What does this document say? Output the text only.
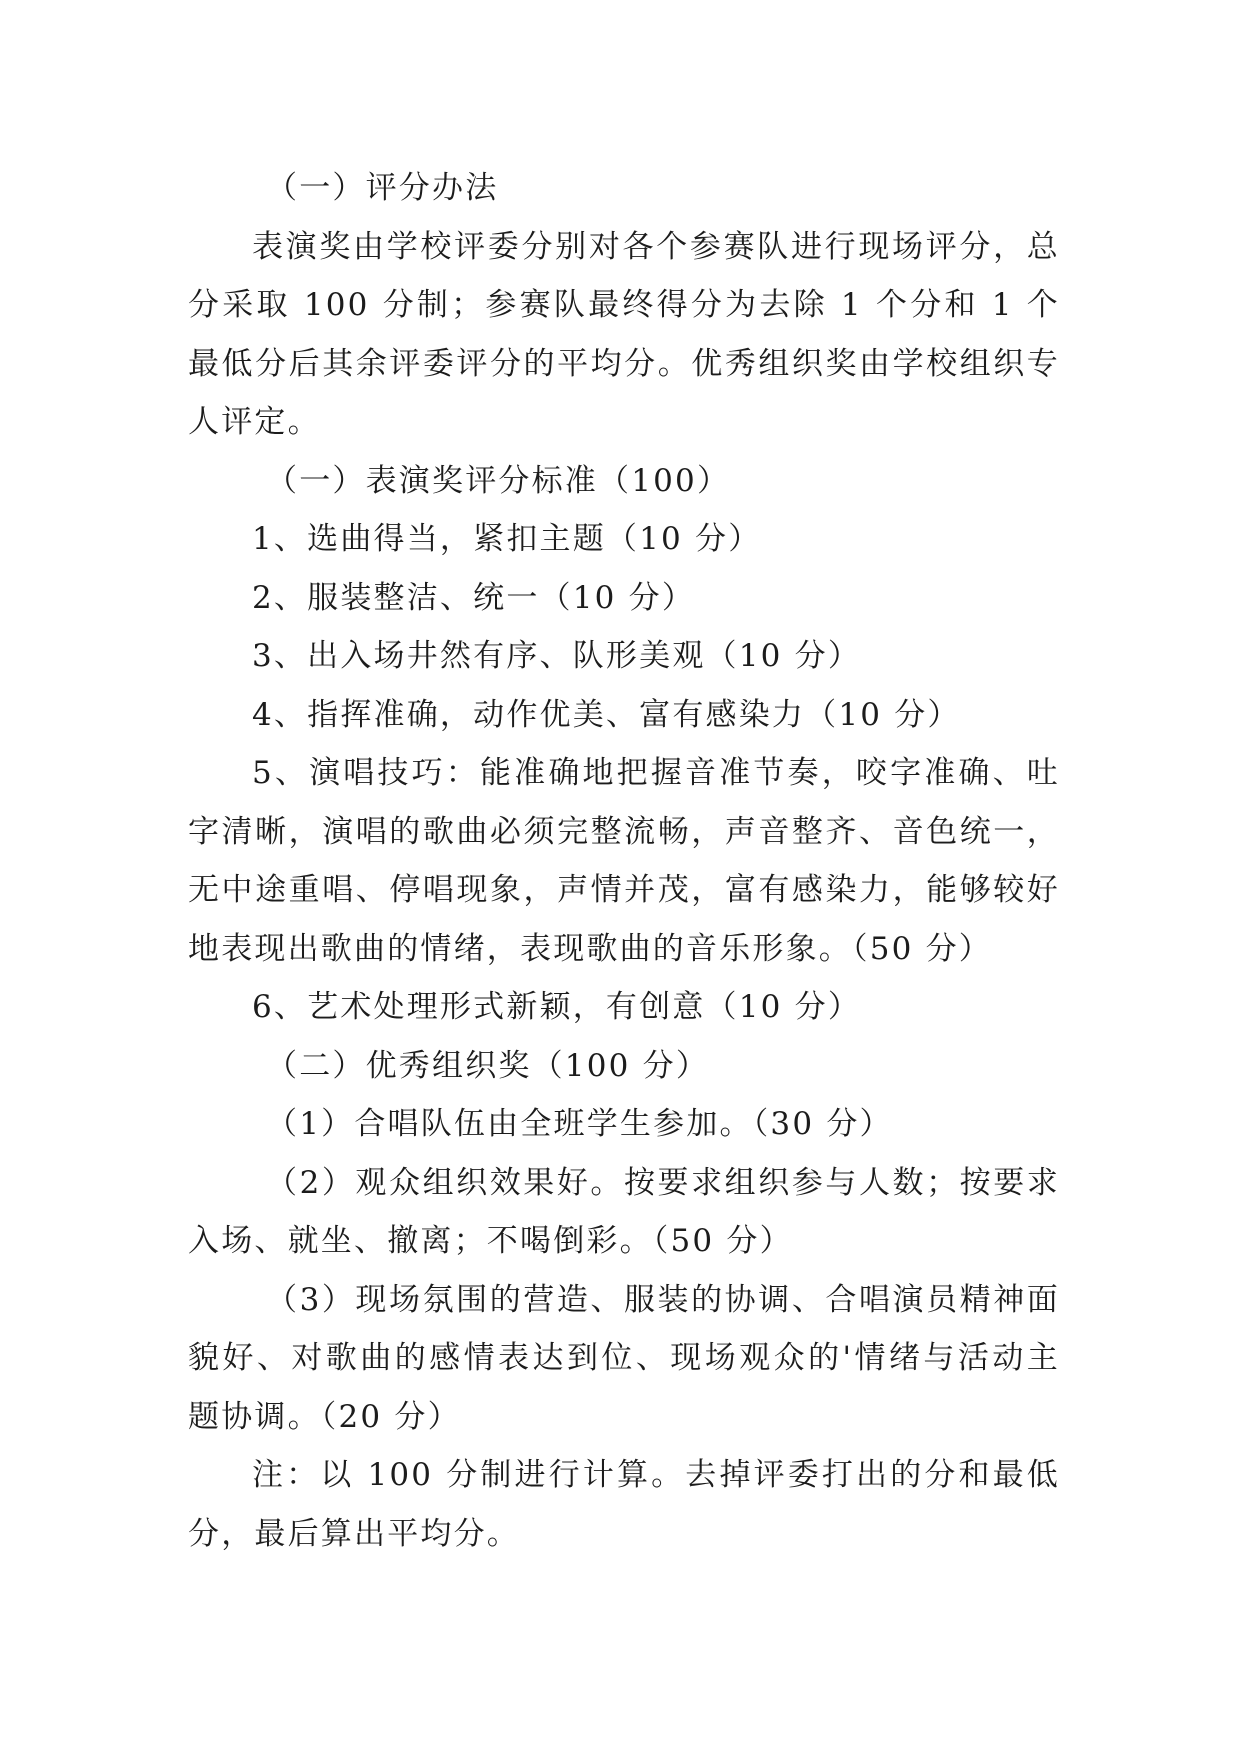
（一）评分办法

表演奖由学校评委分别对各个参赛队进行现场评分，总分采取 100 分制；参赛队最终得分为去除 1 个分和 1 个最低分后其余评委评分的平均分。优秀组织奖由学校组织专人评定。

（一）表演奖评分标准（100）

1、选曲得当，紧扣主题（10 分）

2、服装整洁、统一（10 分）

3、出入场井然有序、队形美观（10 分）

4、指挥准确，动作优美、富有感染力（10 分）

5、演唱技巧：能准确地把握音准节奏，咬字准确、吐字清晰，演唱的歌曲必须完整流畅，声音整齐、音色统一，无中途重唱、停唱现象，声情并茂，富有感染力，能够较好地表现出歌曲的情绪，表现歌曲的音乐形象。（50 分）

6、艺术处理形式新颖，有创意（10 分）

（二）优秀组织奖（100 分）

（1）合唱队伍由全班学生参加。（30 分）

（2）观众组织效果好。按要求组织参与人数；按要求入场、就坐、撤离；不喝倒彩。（50 分）

（3）现场氛围的营造、服装的协调、合唱演员精神面貌好、对歌曲的感情表达到位、现场观众的'情绪与活动主题协调。（20 分）

注：以 100 分制进行计算。去掉评委打出的分和最低分，最后算出平均分。
